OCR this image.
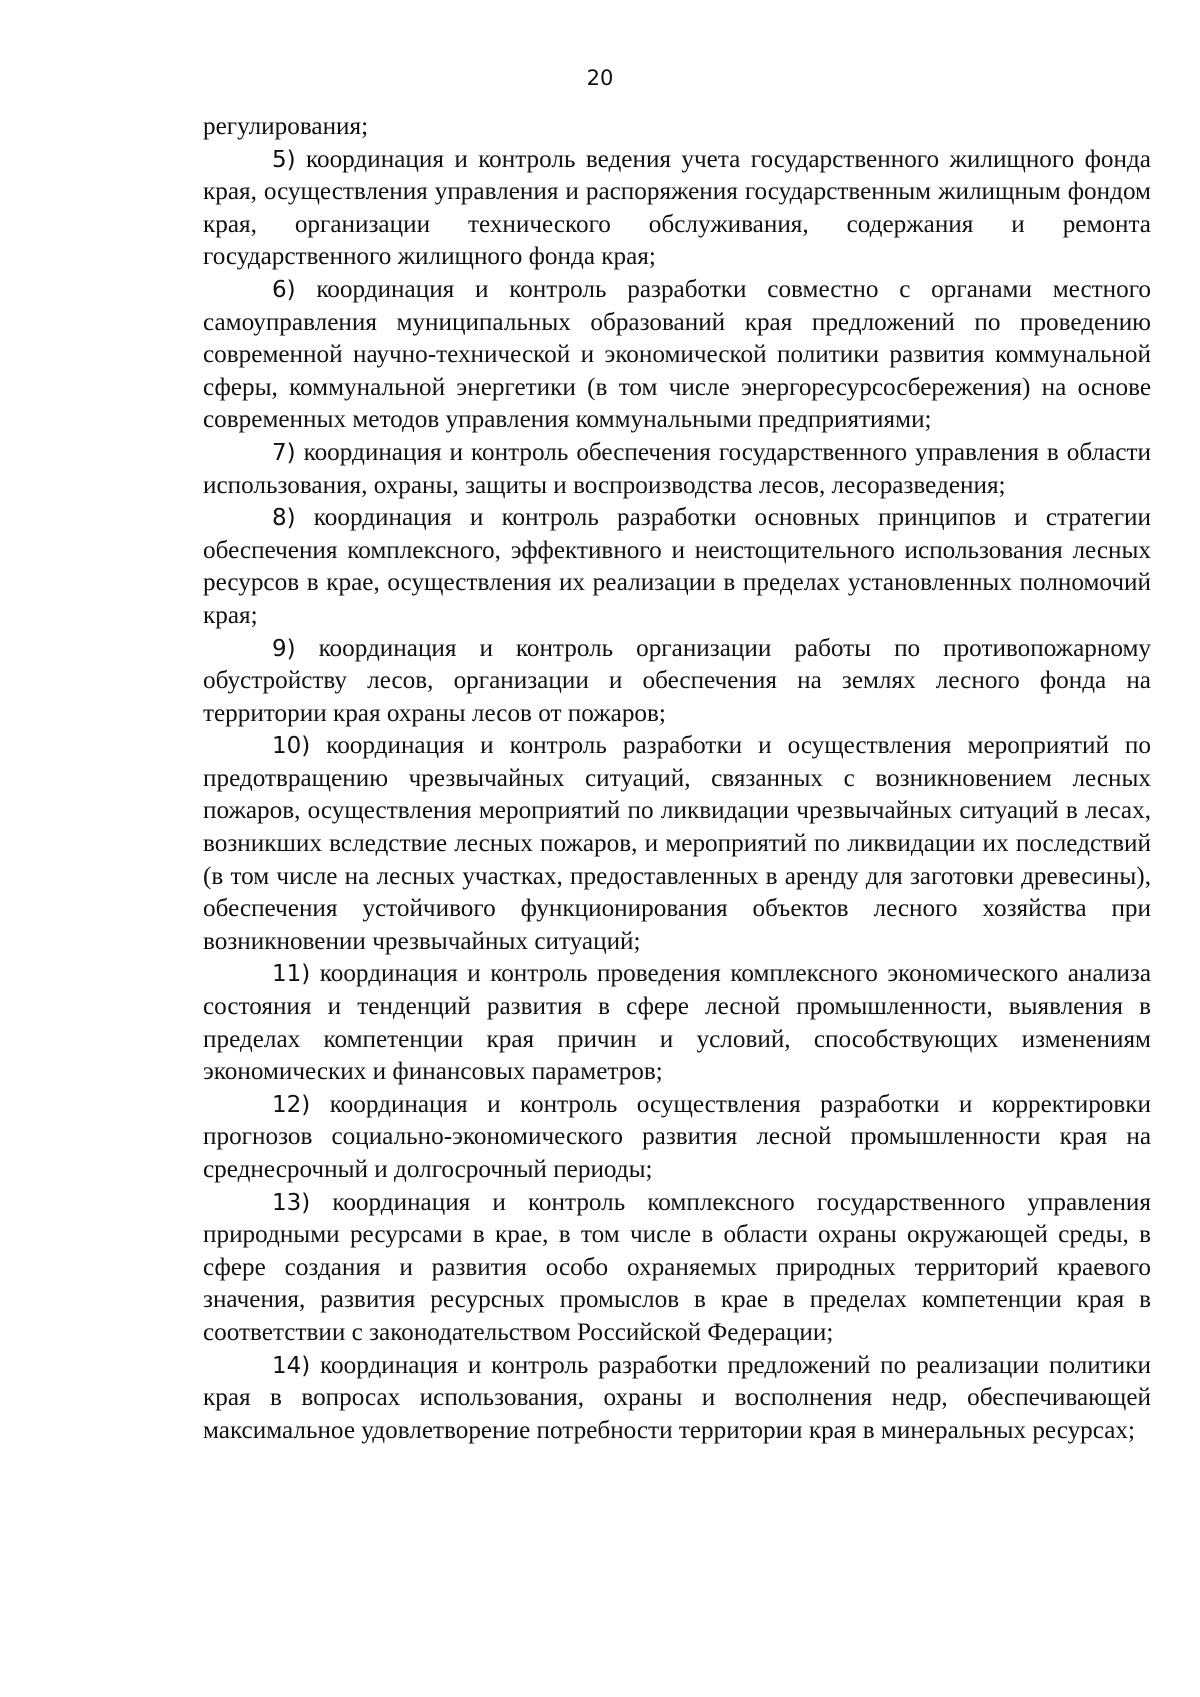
20

регулирования;

5) координация и контроль ведения учета государственного жилищного фонда края, осуществления управления и распоряжения государственным жилищным фондом края, организации технического обслуживания, содержания и ремонта государственного жилищного фонда края;

6) координация и контроль разработки совместно с органами местного самоуправления муниципальных образований края предложений по проведению современной научно-технической и экономической политики развития коммунальной сферы, коммунальной энергетики (в том числе энергоресурсосбережения) на основе современных методов управления коммунальными предприятиями;

7) координация и контроль обеспечения государственного управления в области использования, охраны, защиты и воспроизводства лесов, лесоразведения;

8) координация и контроль разработки основных принципов и стратегии обеспечения комплексного, эффективного и неистощительного использования лесных ресурсов в крае, осуществления их реализации в пределах установленных полномочий края;

9) координация и контроль организации работы по противопожарному обустройству лесов, организации и обеспечения на землях лесного фонда на территории края охраны лесов от пожаров;

10) координация и контроль разработки и осуществления мероприятий по предотвращению чрезвычайных ситуаций, связанных с возникновением лесных пожаров, осуществления мероприятий по ликвидации чрезвычайных ситуаций в лесах, возникших вследствие лесных пожаров, и мероприятий по ликвидации их последствий (в том числе на лесных участках, предоставленных в аренду для заготовки древесины), обеспечения устойчивого функционирования объектов лесного хозяйства при возникновении чрезвычайных ситуаций;

11) координация и контроль проведения комплексного экономического анализа состояния и тенденций развития в сфере лесной промышленности, выявления в пределах компетенции края причин и условий, способствующих изменениям экономических и финансовых параметров;

12) координация и контроль осуществления разработки и корректировки прогнозов социально-экономического развития лесной промышленности края на среднесрочный и долгосрочный периоды;

13) координация и контроль комплексного государственного управления природными ресурсами в крае, в том числе в области охраны окружающей среды, в сфере создания и развития особо охраняемых природных территорий краевого значения, развития ресурсных промыслов в крае в пределах компетенции края в соответствии с законодательством Российской Федерации;

14) координация и контроль разработки предложений по реализации политики края в вопросах использования, охраны и восполнения недр, обеспечивающей максимальное удовлетворение потребности территории края в минеральных ресурсах;
